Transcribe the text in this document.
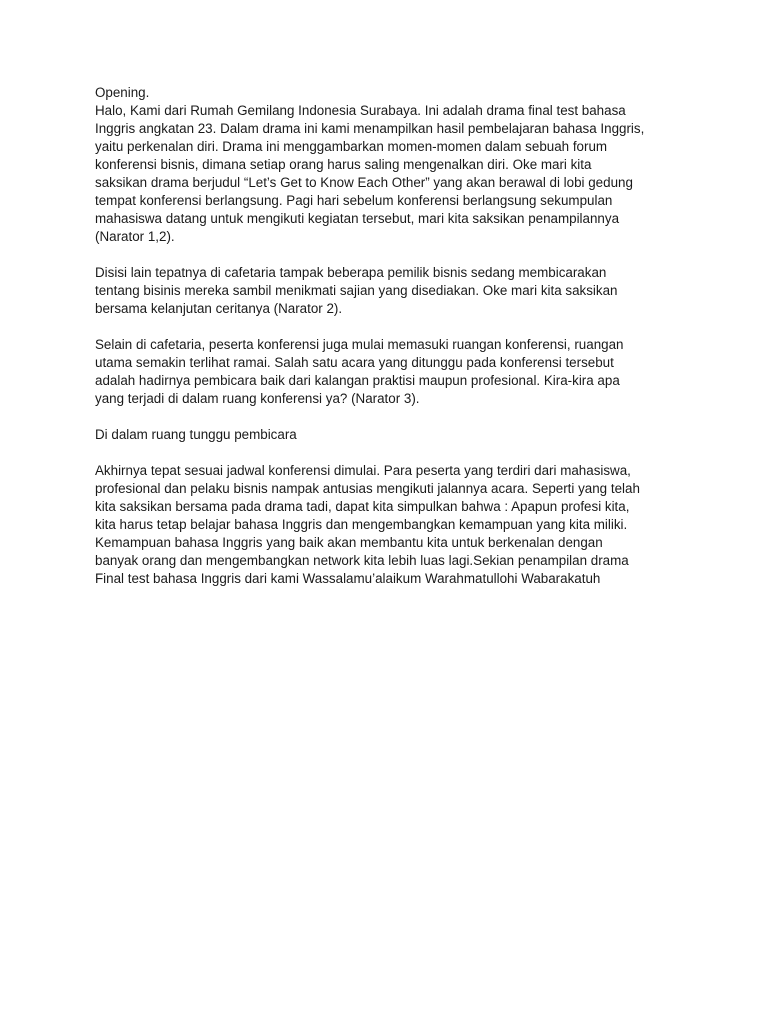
Opening.

Halo, Kami dari Rumah Gemilang Indonesia Surabaya. Ini adalah drama final test bahasa
Inggris angkatan 23. Dalam drama ini kami menampilkan hasil pembelajaran bahasa Inggris,
yaitu perkenalan diri. Drama ini menggambarkan momen-momen dalam sebuah forum
konferensi bisnis, dimana setiap orang harus saling mengenalkan diri. Oke mari kita
saksikan drama berjudul “Let’s Get to Know Each Other” yang akan berawal di lobi gedung
tempat konferensi berlangsung. Pagi hari sebelum konferensi berlangsung sekumpulan
mahasiswa datang untuk mengikuti kegiatan tersebut, mari kita saksikan penampilannya
(Narator 1,2).

Disisi lain tepatnya di cafetaria tampak beberapa pemilik bisnis sedang membicarakan
tentang bisinis mereka sambil menikmati sajian yang disediakan. Oke mari kita saksikan
bersama kelanjutan ceritanya (Narator 2).

Selain di cafetaria, peserta konferensi juga mulai memasuki ruangan konferensi, ruangan
utama semakin terlihat ramai. Salah satu acara yang ditunggu pada konferensi tersebut
adalah hadirnya pembicara baik dari kalangan praktisi maupun profesional. Kira-kira apa
yang terjadi di dalam ruang konferensi ya? (Narator 3).

Di dalam ruang tunggu pembicara

Akhirnya tepat sesuai jadwal konferensi dimulai. Para peserta yang terdiri dari mahasiswa,
profesional dan pelaku bisnis nampak antusias mengikuti jalannya acara. Seperti yang telah
kita saksikan bersama pada drama tadi, dapat kita simpulkan bahwa : Apapun profesi kita,
kita harus tetap belajar bahasa Inggris dan mengembangkan kemampuan yang kita miliki.
Kemampuan bahasa Inggris yang baik akan membantu kita untuk berkenalan dengan
banyak orang dan mengembangkan network kita lebih luas lagi.Sekian penampilan drama
Final test bahasa Inggris dari kami Wassalamu’alaikum Warahmatullohi Wabarakatuh
